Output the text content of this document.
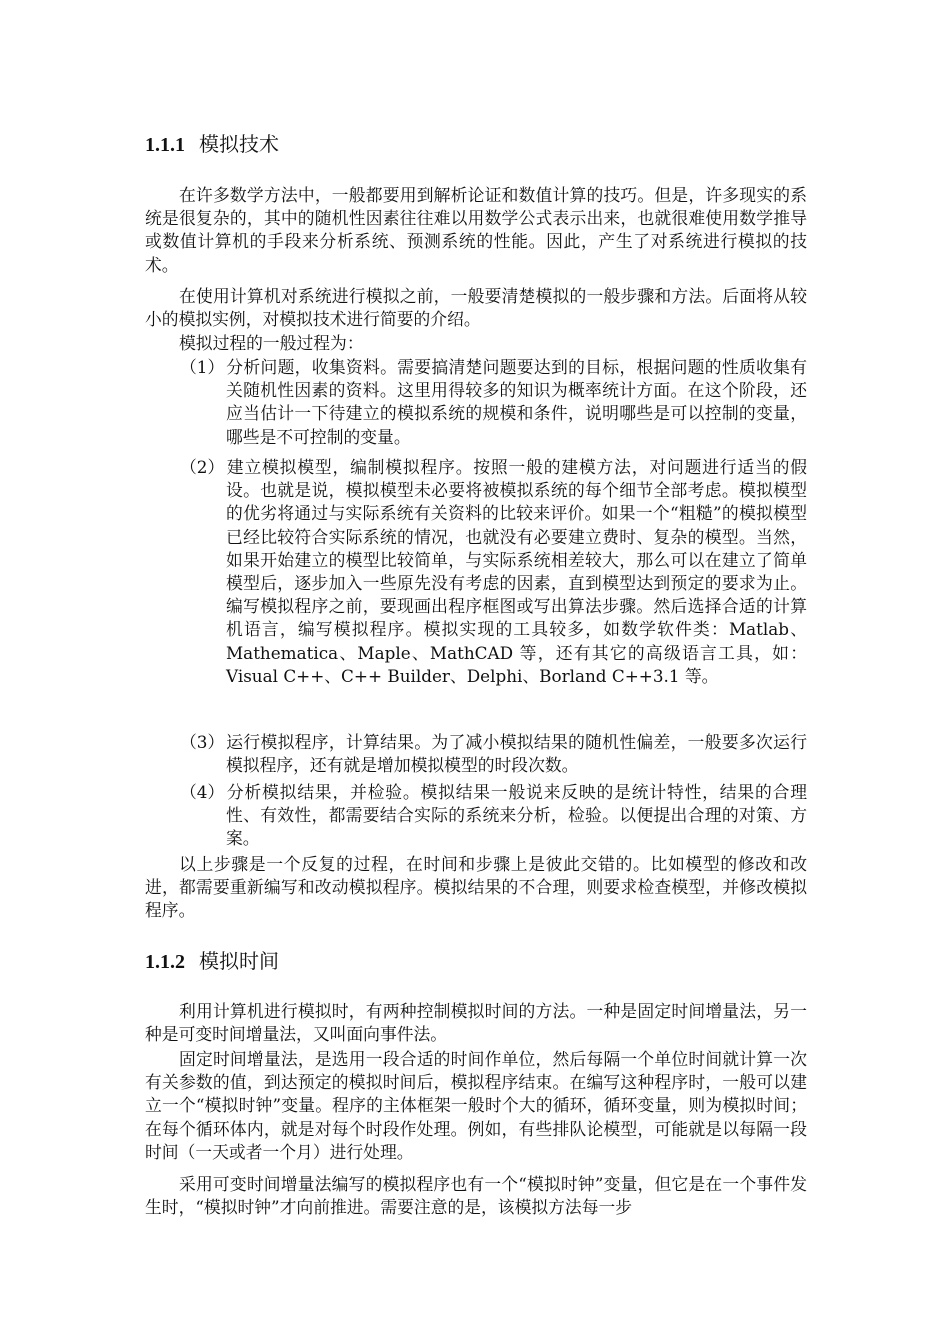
1.1.1 模拟技术

在许多数学方法中，一般都要用到解析论证和数值计算的技巧。但是，许多现实的系统是很复杂的，其中的随机性因素往往难以用数学公式表示出来，也就很难使用数学推导或数值计算机的手段来分析系统、预测系统的性能。因此，产生了对系统进行模拟的技术。

在使用计算机对系统进行模拟之前，一般要清楚模拟的一般步骤和方法。后面将从较小的模拟实例，对模拟技术进行简要的介绍。

模拟过程的一般过程为：

（1） 分析问题，收集资料。需要搞清楚问题要达到的目标，根据问题的性质收集有关随机性因素的资料。这里用得较多的知识为概率统计方面。在这个阶段，还应当估计一下待建立的模拟系统的规模和条件，说明哪些是可以控制的变量，哪些是不可控制的变量。

（2） 建立模拟模型，编制模拟程序。按照一般的建模方法，对问题进行适当的假设。也就是说，模拟模型未必要将被模拟系统的每个细节全部考虑。模拟模型的优劣将通过与实际系统有关资料的比较来评价。如果一个“粗糙”的模拟模型已经比较符合实际系统的情况，也就没有必要建立费时、复杂的模型。当然，如果开始建立的模型比较简单，与实际系统相差较大，那么可以在建立了简单模型后，逐步加入一些原先没有考虑的因素，直到模型达到预定的要求为止。编写模拟程序之前，要现画出程序框图或写出算法步骤。然后选择合适的计算机语言，编写模拟程序。模拟实现的工具较多，如数学软件类：Matlab、Mathematica、Maple、MathCAD 等，还有其它的高级语言工具，如：Visual C++、C++ Builder、Delphi、Borland C++3.1 等。

（3） 运行模拟程序，计算结果。为了减小模拟结果的随机性偏差，一般要多次运行模拟程序，还有就是增加模拟模型的时段次数。

（4） 分析模拟结果，并检验。模拟结果一般说来反映的是统计特性，结果的合理性、有效性，都需要结合实际的系统来分析，检验。以便提出合理的对策、方案。

以上步骤是一个反复的过程，在时间和步骤上是彼此交错的。比如模型的修改和改进，都需要重新编写和改动模拟程序。模拟结果的不合理，则要求检查模型，并修改模拟程序。

1.1.2 模拟时间

利用计算机进行模拟时，有两种控制模拟时间的方法。一种是固定时间增量法，另一种是可变时间增量法，又叫面向事件法。

固定时间增量法，是选用一段合适的时间作单位，然后每隔一个单位时间就计算一次有关参数的值，到达预定的模拟时间后，模拟程序结束。在编写这种程序时，一般可以建立一个“模拟时钟”变量。程序的主体框架一般时个大的循环，循环变量，则为模拟时间；在每个循环体内，就是对每个时段作处理。例如，有些排队论模型，可能就是以每隔一段时间（一天或者一个月）进行处理。

采用可变时间增量法编写的模拟程序也有一个“模拟时钟”变量，但它是在一个事件发生时，“模拟时钟”才向前推进。需要注意的是，该模拟方法每一步
